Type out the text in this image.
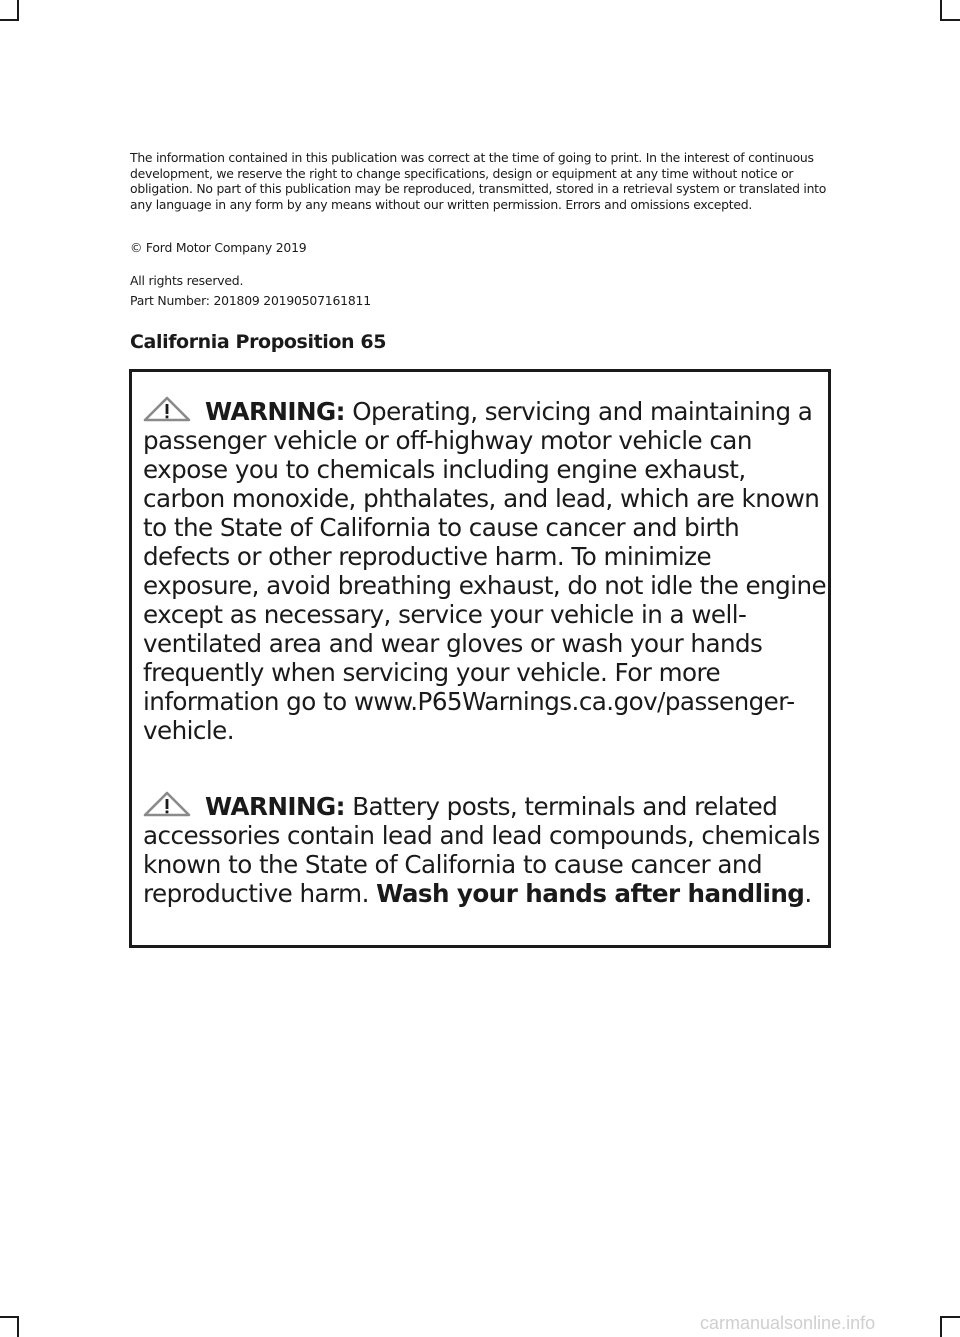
The information contained in this publication was correct at the time of going to print. In the interest of continuous development, we reserve the right to change specifications, design or equipment at any time without notice or obligation. No part of this publication may be reproduced, transmitted, stored in a retrieval system or translated into any language in any form by any means without our written permission. Errors and omissions excepted.

© Ford Motor Company 2019

All rights reserved.

Part Number: 201809 20190507161811

California Proposition 65

WARNING: Operating, servicing and maintaining a passenger vehicle or off-highway motor vehicle can expose you to chemicals including engine exhaust, carbon monoxide, phthalates, and lead, which are known to the State of California to cause cancer and birth defects or other reproductive harm. To minimize exposure, avoid breathing exhaust, do not idle the engine except as necessary, service your vehicle in a well-ventilated area and wear gloves or wash your hands frequently when servicing your vehicle. For more information go to www.P65Warnings.ca.gov/passenger-vehicle.

WARNING: Battery posts, terminals and related accessories contain lead and lead compounds, chemicals known to the State of California to cause cancer and reproductive harm. Wash your hands after handling.

carmanualsonline.info
